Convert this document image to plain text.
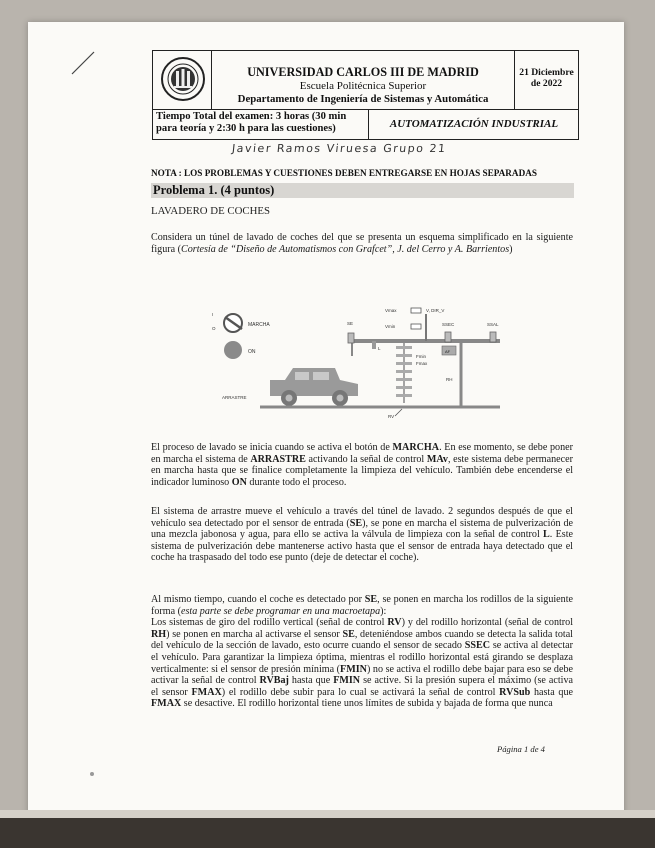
UNIVERSIDAD CARLOS III DE MADRID
Escuela Politécnica Superior
Departamento de Ingeniería de Sistemas y Automática
21 Diciembre
de 2022
Tiempo Total del examen: 3 horas (30 min
para teoría y 2:30 h para las cuestiones)	AUTOMATIZACIÓN INDUSTRIAL
Javier Ramos Viruesa Grupo 21
NOTA : LOS PROBLEMAS Y CUESTIONES DEBEN ENTREGARSE EN HOJAS SEPARADAS
Problema 1. (4 puntos)
LAVADERO DE COCHES
Considera un túnel de lavado de coches del que se presenta un esquema simplificado en la siguiente figura (Cortesía de “Diseño de Automatismos con Grafcet”, J. del Cerro y A. Barrientos)
I
O
MARCHA
ON
ARRASTRE
SE
L
Vmax
Vmin
V, DIR_V
Fmin
Fmax
RH
RV
SSEC
AF
SSAL
El proceso de lavado se inicia cuando se activa el botón de MARCHA. En ese momento, se debe poner en marcha el sistema de ARRASTRE activando la señal de control MAv, este sistema debe permanecer en marcha hasta que se finalice completamente la limpieza del vehículo. También debe encenderse el indicador luminoso ON durante todo el proceso.
El sistema de arrastre mueve el vehículo a través del túnel de lavado. 2 segundos después de que el vehículo sea detectado por el sensor de entrada (SE), se pone en marcha el sistema de pulverización de una mezcla jabonosa y agua, para ello se activa la válvula de limpieza con la señal de control L. Este sistema de pulverización debe mantenerse activo hasta que el sensor de entrada haya detectado que el coche ha traspasado del todo ese punto (deje de detectar el coche).
Al mismo tiempo, cuando el coche es detectado por SE, se ponen en marcha los rodillos de la siguiente forma (esta parte se debe programar en una macroetapa):
Los sistemas de giro del rodillo vertical (señal de control RV) y del rodillo horizontal (señal de control RH) se ponen en marcha al activarse el sensor SE, deteniéndose ambos cuando se detecta la salida total del vehículo de la sección de lavado, esto ocurre cuando el sensor de secado SSEC se activa al detectar el vehículo. Para garantizar la limpieza óptima, mientras el rodillo horizontal está girando se desplaza verticalmente: si el sensor de presión mínima (FMIN) no se activa el rodillo debe bajar para eso se debe activar la señal de control RVBaj hasta que FMIN se active. Si la presión supera el máximo (se activa el sensor FMAX) el rodillo debe subir para lo cual se activará la señal de control RVSub hasta que FMAX se desactive. El rodillo horizontal tiene unos límites de subida y bajada de forma que nunca
Página 1 de 4
